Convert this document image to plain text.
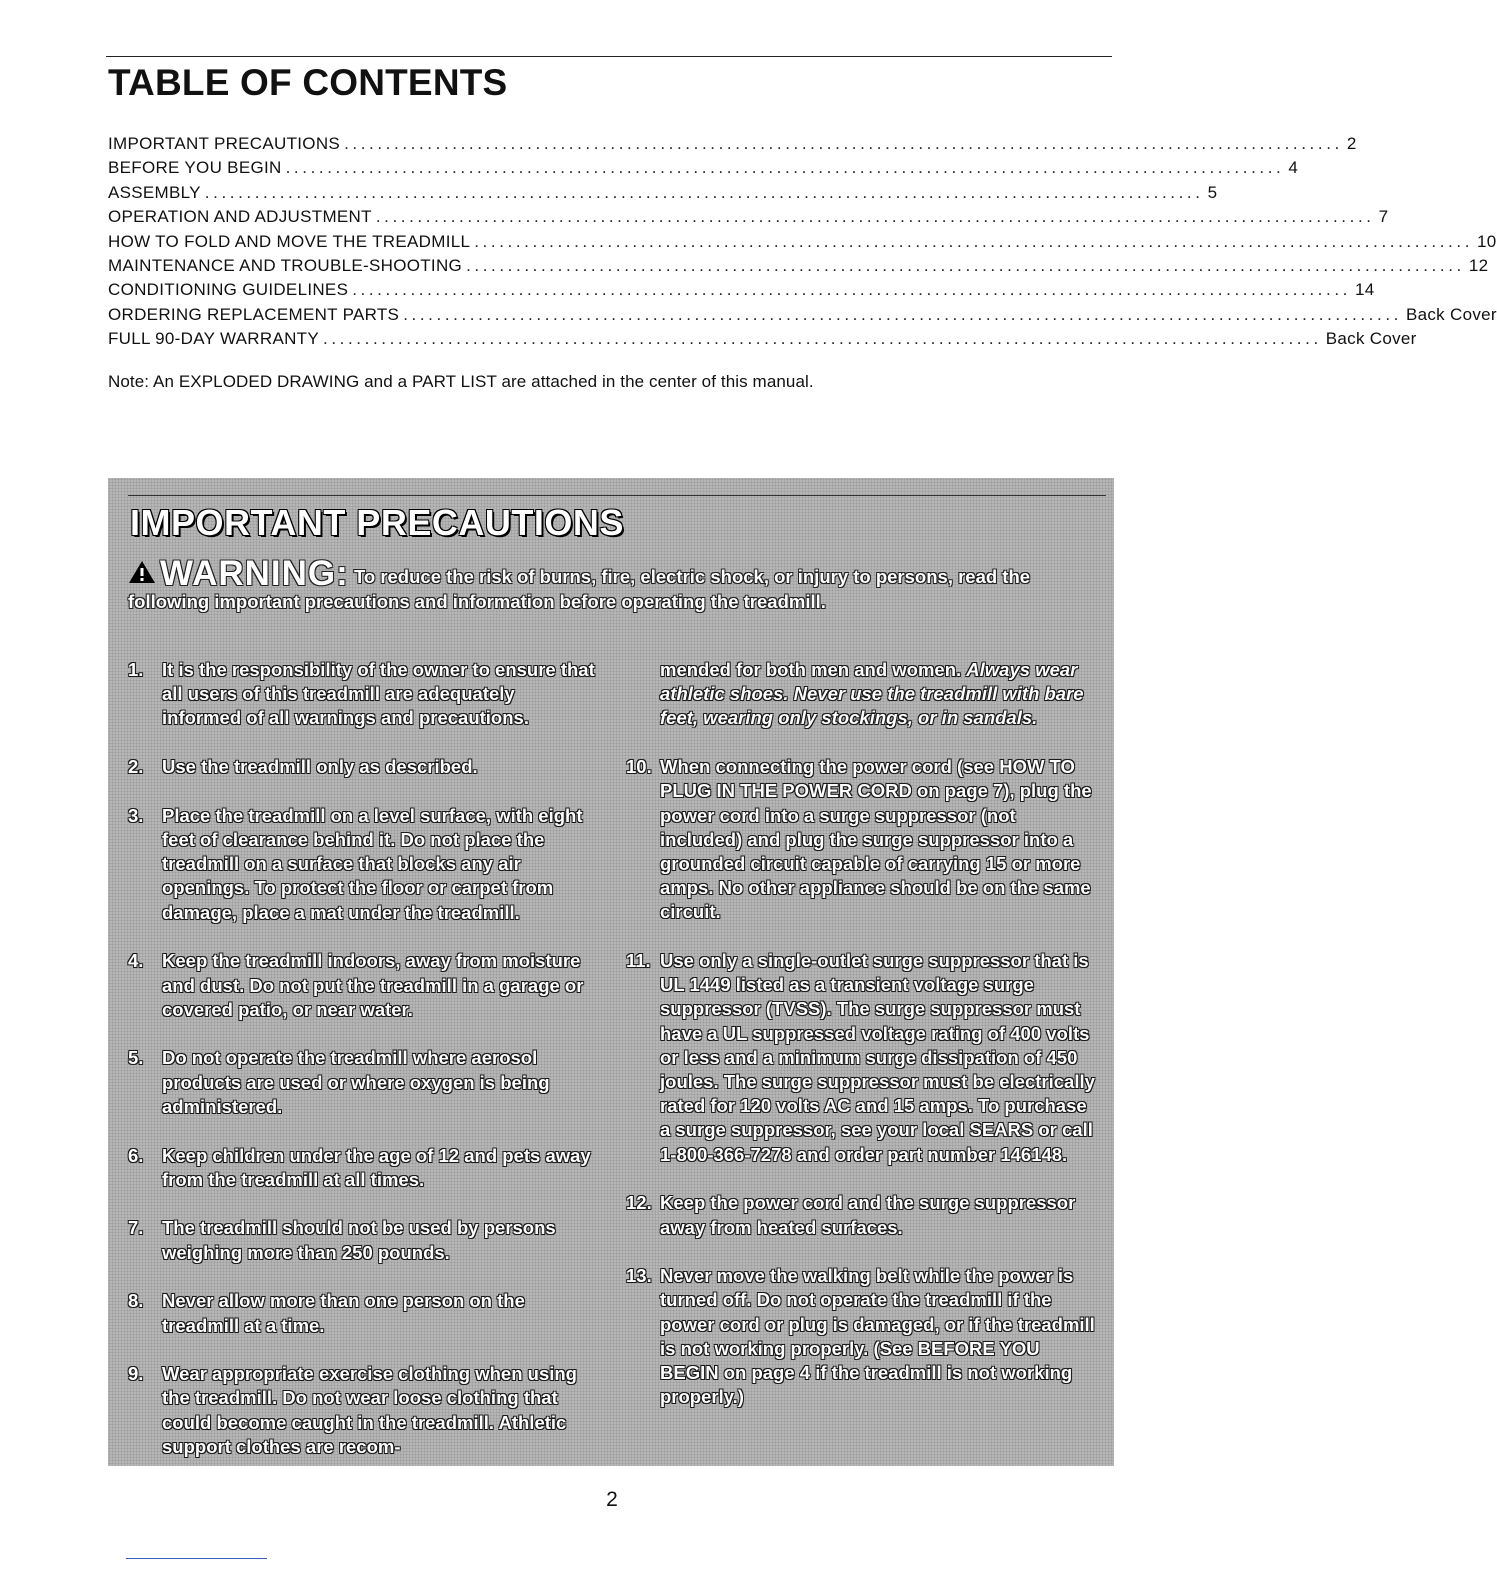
TABLE OF CONTENTS
IMPORTANT PRECAUTIONS ........................................................................................................................ 2
BEFORE YOU BEGIN ........................................................................................................................ 4
ASSEMBLY ........................................................................................................................ 5
OPERATION AND ADJUSTMENT ........................................................................................................................ 7
HOW TO FOLD AND MOVE THE TREADMILL ........................................................................................................................ 10
MAINTENANCE AND TROUBLE-SHOOTING ........................................................................................................................ 12
CONDITIONING GUIDELINES ........................................................................................................................ 14
ORDERING REPLACEMENT PARTS ........................................................................................................................ Back Cover
FULL 90-DAY WARRANTY ........................................................................................................................ Back Cover
Note: An EXPLODED DRAWING and a PART LIST are attached in the center of this manual.
IMPORTANT PRECAUTIONS
WARNING: To reduce the risk of burns, fire, electric shock, or injury to persons, read the following important precautions and information before operating the treadmill.
1.	It is the responsibility of the owner to ensure that all users of this treadmill are adequately informed of all warnings and precautions.
2.	Use the treadmill only as described.
3.	Place the treadmill on a level surface, with eight feet of clearance behind it. Do not place the treadmill on a surface that blocks any air openings. To protect the floor or carpet from damage, place a mat under the treadmill.
4.	Keep the treadmill indoors, away from moisture and dust. Do not put the treadmill in a garage or covered patio, or near water.
5.	Do not operate the treadmill where aerosol products are used or where oxygen is being administered.
6.	Keep children under the age of 12 and pets away from the treadmill at all times.
7.	The treadmill should not be used by persons weighing more than 250 pounds.
8.	Never allow more than one person on the treadmill at a time.
9.	Wear appropriate exercise clothing when using the treadmill. Do not wear loose clothing that could become caught in the treadmill. Athletic support clothes are recom-
mended for both men and women. Always wear athletic shoes. Never use the treadmill with bare feet, wearing only stockings, or in sandals.
10. When connecting the power cord (see HOW TO PLUG IN THE POWER CORD on page 7), plug the power cord into a surge suppressor (not included) and plug the surge suppressor into a grounded circuit capable of carrying 15 or more amps. No other appliance should be on the same circuit.
11. Use only a single-outlet surge suppressor that is UL 1449 listed as a transient voltage surge suppressor (TVSS). The surge suppressor must have a UL suppressed voltage rating of 400 volts or less and a minimum surge dissipation of 450 joules. The surge suppressor must be electrically rated for 120 volts AC and 15 amps. To purchase a surge suppressor, see your local SEARS or call 1-800-366-7278 and order part number 146148.
12. Keep the power cord and the surge suppressor away from heated surfaces.
13. Never move the walking belt while the power is turned off. Do not operate the treadmill if the power cord or plug is damaged, or if the treadmill is not working properly. (See BEFORE YOU BEGIN on page 4 if the treadmill is not working properly.)
2
